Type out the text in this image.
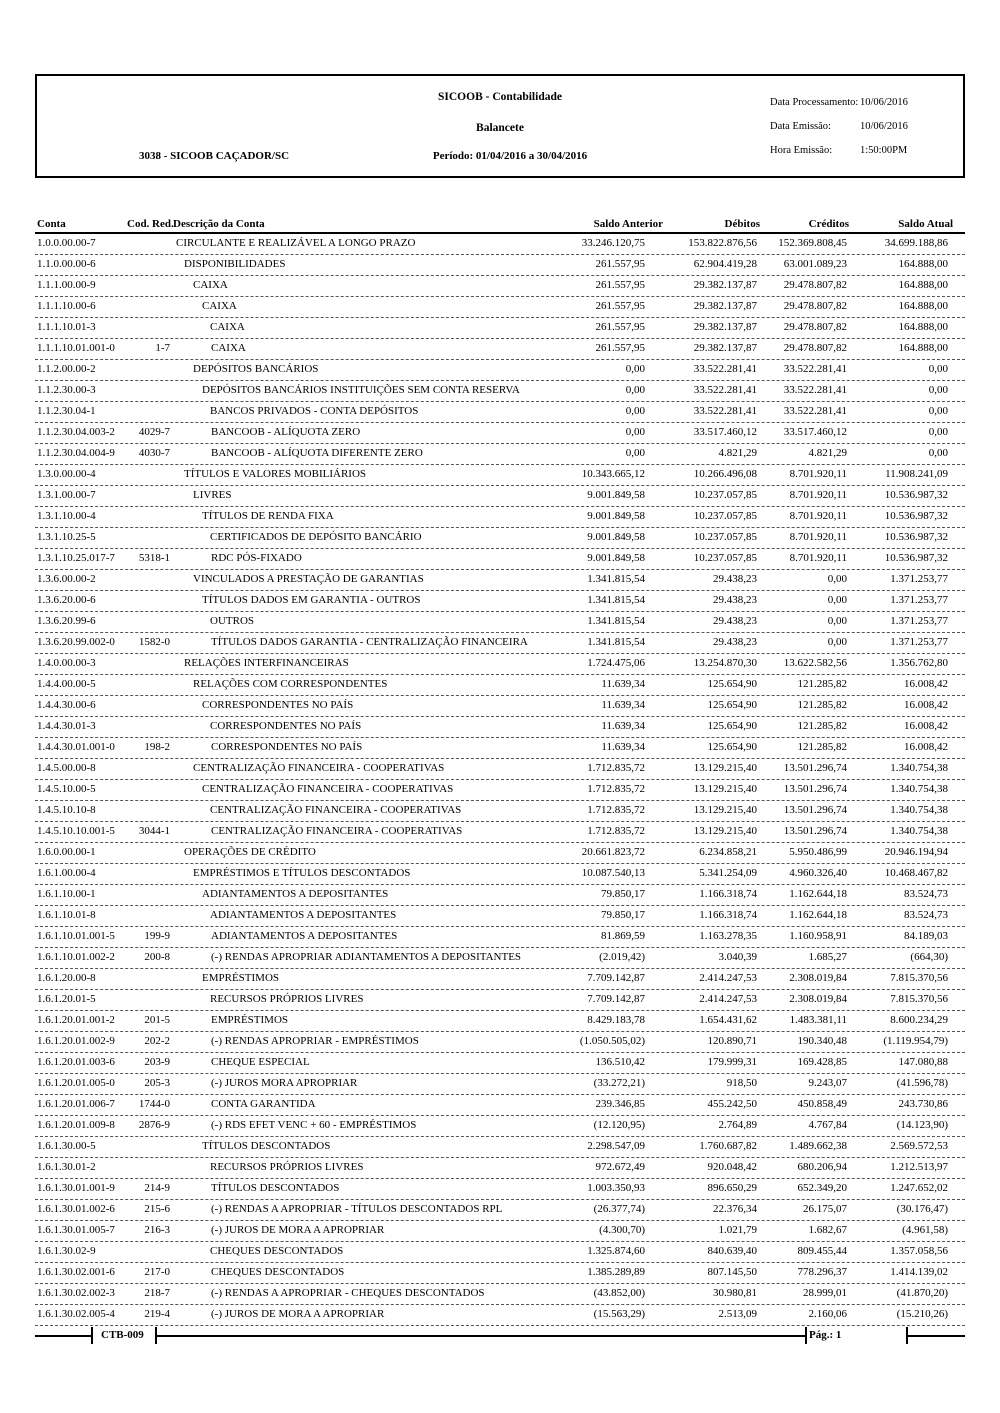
SICOOB - Contabilidade
Balancete
3038 - SICOOB CAÇADOR/SC	Período: 01/04/2016 a 30/04/2016
Data Processamento: 10/06/2016
Data Emissão:	10/06/2016
Hora Emissão:	1:50:00PM
Conta	Cod. Red. Descrição da Conta	Saldo Anterior	Débitos	Créditos	Saldo Atual
1.0.0.00.00-7	CIRCULANTE E REALIZÁVEL A LONGO PRAZO	33.246.120,75	153.822.876,56	152.369.808,45	34.699.188,86
1.1.0.00.00-6	DISPONIBILIDADES	261.557,95	62.904.419,28	63.001.089,23	164.888,00
1.1.1.00.00-9	CAIXA	261.557,95	29.382.137,87	29.478.807,82	164.888,00
1.1.1.10.00-6	CAIXA	261.557,95	29.382.137,87	29.478.807,82	164.888,00
1.1.1.10.01-3	CAIXA	261.557,95	29.382.137,87	29.478.807,82	164.888,00
1.1.1.10.01.001-0	1-7	CAIXA	261.557,95	29.382.137,87	29.478.807,82	164.888,00
1.1.2.00.00-2	DEPÓSITOS BANCÁRIOS	0,00	33.522.281,41	33.522.281,41	0,00
1.1.2.30.00-3	DEPÓSITOS BANCÁRIOS INSTITUIÇÕES SEM CONTA RESERVA	0,00	33.522.281,41	33.522.281,41	0,00
1.1.2.30.04-1	BANCOS PRIVADOS - CONTA DEPÓSITOS	0,00	33.522.281,41	33.522.281,41	0,00
1.1.2.30.04.003-2	4029-7	BANCOOB - ALÍQUOTA ZERO	0,00	33.517.460,12	33.517.460,12	0,00
1.1.2.30.04.004-9	4030-7	BANCOOB - ALÍQUOTA DIFERENTE ZERO	0,00	4.821,29	4.821,29	0,00
1.3.0.00.00-4	TÍTULOS E VALORES MOBILIÁRIOS	10.343.665,12	10.266.496,08	8.701.920,11	11.908.241,09
1.3.1.00.00-7	LIVRES	9.001.849,58	10.237.057,85	8.701.920,11	10.536.987,32
1.3.1.10.00-4	TÍTULOS DE RENDA FIXA	9.001.849,58	10.237.057,85	8.701.920,11	10.536.987,32
1.3.1.10.25-5	CERTIFICADOS DE DEPÓSITO BANCÁRIO	9.001.849,58	10.237.057,85	8.701.920,11	10.536.987,32
1.3.1.10.25.017-7	5318-1	RDC PÓS-FIXADO	9.001.849,58	10.237.057,85	8.701.920,11	10.536.987,32
1.3.6.00.00-2	VINCULADOS A PRESTAÇÃO DE GARANTIAS	1.341.815,54	29.438,23	0,00	1.371.253,77
1.3.6.20.00-6	TÍTULOS DADOS EM GARANTIA - OUTROS	1.341.815,54	29.438,23	0,00	1.371.253,77
1.3.6.20.99-6	OUTROS	1.341.815,54	29.438,23	0,00	1.371.253,77
1.3.6.20.99.002-0	1582-0	TÍTULOS DADOS GARANTIA - CENTRALIZAÇÃO FINANCEIRA	1.341.815,54	29.438,23	0,00	1.371.253,77
1.4.0.00.00-3	RELAÇÕES INTERFINANCEIRAS	1.724.475,06	13.254.870,30	13.622.582,56	1.356.762,80
1.4.4.00.00-5	RELAÇÕES COM CORRESPONDENTES	11.639,34	125.654,90	121.285,82	16.008,42
1.4.4.30.00-6	CORRESPONDENTES NO PAÍS	11.639,34	125.654,90	121.285,82	16.008,42
1.4.4.30.01-3	CORRESPONDENTES NO PAÍS	11.639,34	125.654,90	121.285,82	16.008,42
1.4.4.30.01.001-0	198-2	CORRESPONDENTES NO PAÍS	11.639,34	125.654,90	121.285,82	16.008,42
1.4.5.00.00-8	CENTRALIZAÇÃO FINANCEIRA - COOPERATIVAS	1.712.835,72	13.129.215,40	13.501.296,74	1.340.754,38
1.4.5.10.00-5	CENTRALIZAÇÃO FINANCEIRA - COOPERATIVAS	1.712.835,72	13.129.215,40	13.501.296,74	1.340.754,38
1.4.5.10.10-8	CENTRALIZAÇÃO FINANCEIRA - COOPERATIVAS	1.712.835,72	13.129.215,40	13.501.296,74	1.340.754,38
1.4.5.10.10.001-5	3044-1	CENTRALIZAÇÃO FINANCEIRA - COOPERATIVAS	1.712.835,72	13.129.215,40	13.501.296,74	1.340.754,38
1.6.0.00.00-1	OPERAÇÕES DE CRÉDITO	20.661.823,72	6.234.858,21	5.950.486,99	20.946.194,94
1.6.1.00.00-4	EMPRÉSTIMOS E TÍTULOS DESCONTADOS	10.087.540,13	5.341.254,09	4.960.326,40	10.468.467,82
1.6.1.10.00-1	ADIANTAMENTOS A DEPOSITANTES	79.850,17	1.166.318,74	1.162.644,18	83.524,73
1.6.1.10.01-8	ADIANTAMENTOS A DEPOSITANTES	79.850,17	1.166.318,74	1.162.644,18	83.524,73
1.6.1.10.01.001-5	199-9	ADIANTAMENTOS A DEPOSITANTES	81.869,59	1.163.278,35	1.160.958,91	84.189,03
1.6.1.10.01.002-2	200-8	(-) RENDAS APROPRIAR ADIANTAMENTOS A DEPOSITANTES	(2.019,42)	3.040,39	1.685,27	(664,30)
1.6.1.20.00-8	EMPRÉSTIMOS	7.709.142,87	2.414.247,53	2.308.019,84	7.815.370,56
1.6.1.20.01-5	RECURSOS PRÓPRIOS LIVRES	7.709.142,87	2.414.247,53	2.308.019,84	7.815.370,56
1.6.1.20.01.001-2	201-5	EMPRÉSTIMOS	8.429.183,78	1.654.431,62	1.483.381,11	8.600.234,29
1.6.1.20.01.002-9	202-2	(-) RENDAS APROPRIAR - EMPRÉSTIMOS	(1.050.505,02)	120.890,71	190.340,48	(1.119.954,79)
1.6.1.20.01.003-6	203-9	CHEQUE ESPECIAL	136.510,42	179.999,31	169.428,85	147.080,88
1.6.1.20.01.005-0	205-3	(-) JUROS MORA APROPRIAR	(33.272,21)	918,50	9.243,07	(41.596,78)
1.6.1.20.01.006-7	1744-0	CONTA GARANTIDA	239.346,85	455.242,50	450.858,49	243.730,86
1.6.1.20.01.009-8	2876-9	(-) RDS EFET VENC + 60 - EMPRÉSTIMOS	(12.120,95)	2.764,89	4.767,84	(14.123,90)
1.6.1.30.00-5	TÍTULOS DESCONTADOS	2.298.547,09	1.760.687,82	1.489.662,38	2.569.572,53
1.6.1.30.01-2	RECURSOS PRÓPRIOS LIVRES	972.672,49	920.048,42	680.206,94	1.212.513,97
1.6.1.30.01.001-9	214-9	TÍTULOS DESCONTADOS	1.003.350,93	896.650,29	652.349,20	1.247.652,02
1.6.1.30.01.002-6	215-6	(-) RENDAS A APROPRIAR - TÍTULOS DESCONTADOS RPL	(26.377,74)	22.376,34	26.175,07	(30.176,47)
1.6.1.30.01.005-7	216-3	(-) JUROS DE MORA A APROPRIAR	(4.300,70)	1.021,79	1.682,67	(4.961,58)
1.6.1.30.02-9	CHEQUES DESCONTADOS	1.325.874,60	840.639,40	809.455,44	1.357.058,56
1.6.1.30.02.001-6	217-0	CHEQUES DESCONTADOS	1.385.289,89	807.145,50	778.296,37	1.414.139,02
1.6.1.30.02.002-3	218-7	(-) RENDAS A APROPRIAR - CHEQUES DESCONTADOS	(43.852,00)	30.980,81	28.999,01	(41.870,20)
1.6.1.30.02.005-4	219-4	(-) JUROS DE MORA A APROPRIAR	(15.563,29)	2.513,09	2.160,06	(15.210,26)
CTB-009	Pág.: 1
